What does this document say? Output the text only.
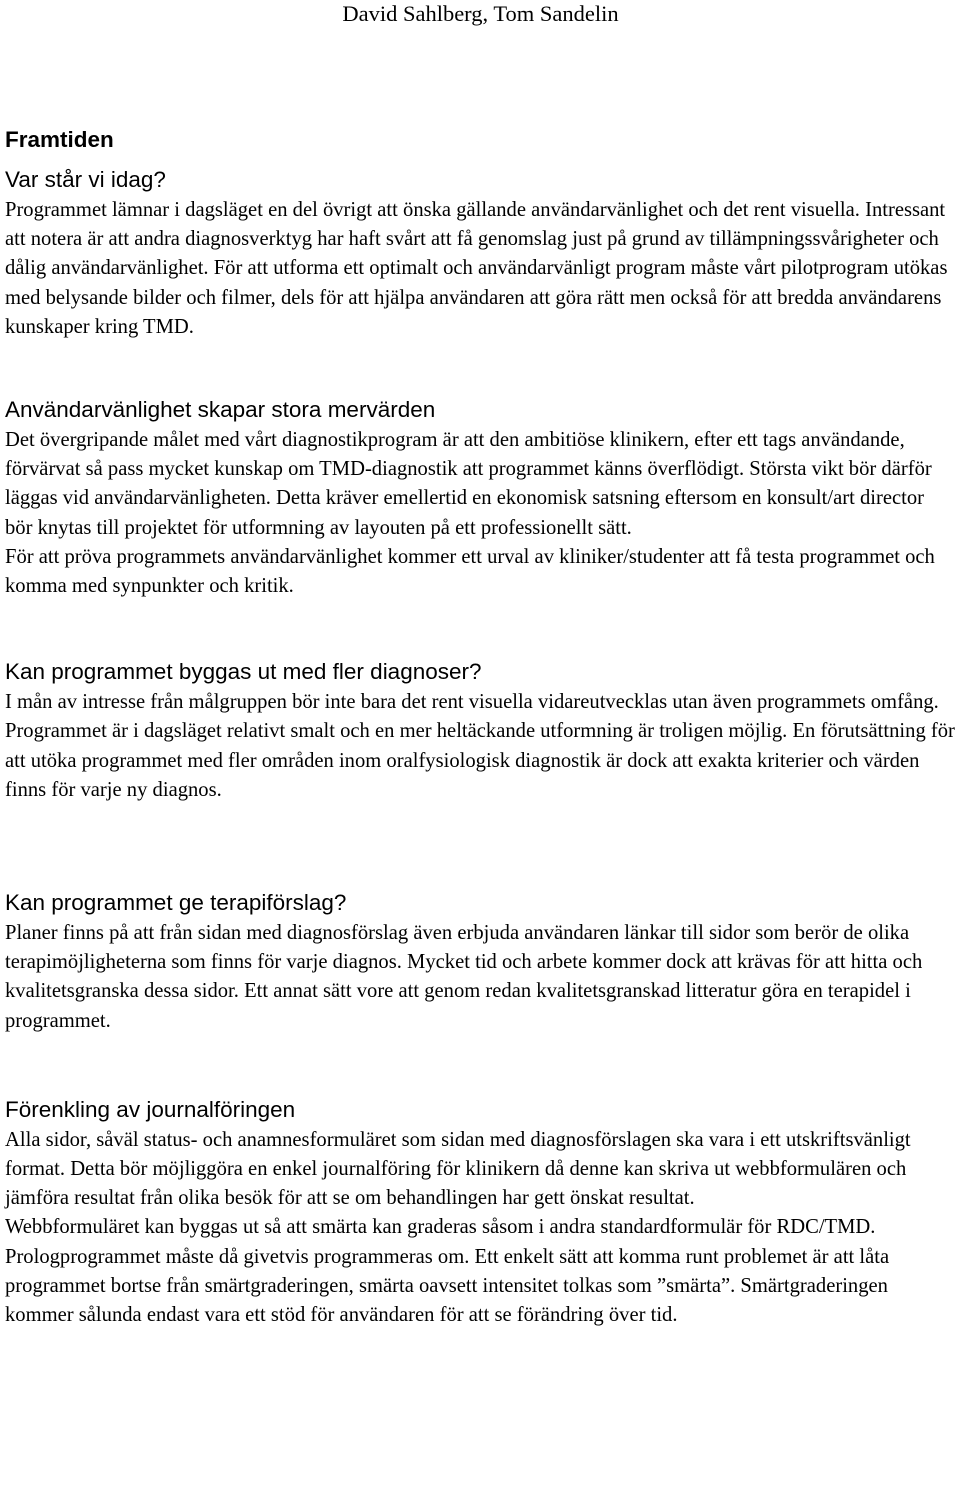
David Sahlberg, Tom Sandelin

Framtiden
Var står vi idag?

Programmet lämnar i dagsläget en del övrigt att önska gällande användarvänlighet och det rent visuella. Intressant att notera är att andra diagnosverktyg har haft svårt att få genomslag just på grund av tillämpningssvårigheter och dålig användarvänlighet. För att utforma ett optimalt och användarvänligt program måste vårt pilotprogram utökas med belysande bilder och filmer, dels för att hjälpa användaren att göra rätt men också för att bredda användarens kunskaper kring TMD.

Användarvänlighet skapar stora mervärden

Det övergripande målet med vårt diagnostikprogram är att den ambitiöse klinikern, efter ett tags användande, förvärvat så pass mycket kunskap om TMD-diagnostik att programmet känns överflödigt. Största vikt bör därför läggas vid användarvänligheten. Detta kräver emellertid en ekonomisk satsning eftersom en konsult/art director bör knytas till projektet för utformning av layouten på ett professionellt sätt.

För att pröva programmets användarvänlighet kommer ett urval av kliniker/studenter att få testa programmet och komma med synpunkter och kritik.

Kan programmet byggas ut med fler diagnoser?

I mån av intresse från målgruppen bör inte bara det rent visuella vidareutvecklas utan även programmets omfång. Programmet är i dagsläget relativt smalt och en mer heltäckande utformning är troligen möjlig. En förutsättning för att utöka programmet med fler områden inom oralfysiologisk diagnostik är dock att exakta kriterier och värden finns för varje ny diagnos.

Kan programmet ge terapiförslag?

Planer finns på att från sidan med diagnosförslag även erbjuda användaren länkar till sidor som berör de olika terapimöjligheterna som finns för varje diagnos. Mycket tid och arbete kommer dock att krävas för att hitta och kvalitetsgranska dessa sidor. Ett annat sätt vore att genom redan kvalitetsgranskad litteratur göra en terapidel i programmet.

Förenkling av journalföringen

Alla sidor, såväl status- och anamnesformuläret som sidan med diagnosförslagen ska vara i ett utskriftsvänligt format. Detta bör möjliggöra en enkel journalföring för klinikern då denne kan skriva ut webbformulären och jämföra resultat från olika besök för att se om behandlingen har gett önskat resultat.

Webbformuläret kan byggas ut så att smärta kan graderas såsom i andra standardformulär för RDC/TMD. Prologprogrammet måste då givetvis programmeras om. Ett enkelt sätt att komma runt problemet är att låta programmet bortse från smärtgraderingen, smärta oavsett intensitet tolkas som ”smärta”. Smärtgraderingen kommer sålunda endast vara ett stöd för användaren för att se förändring över tid.
